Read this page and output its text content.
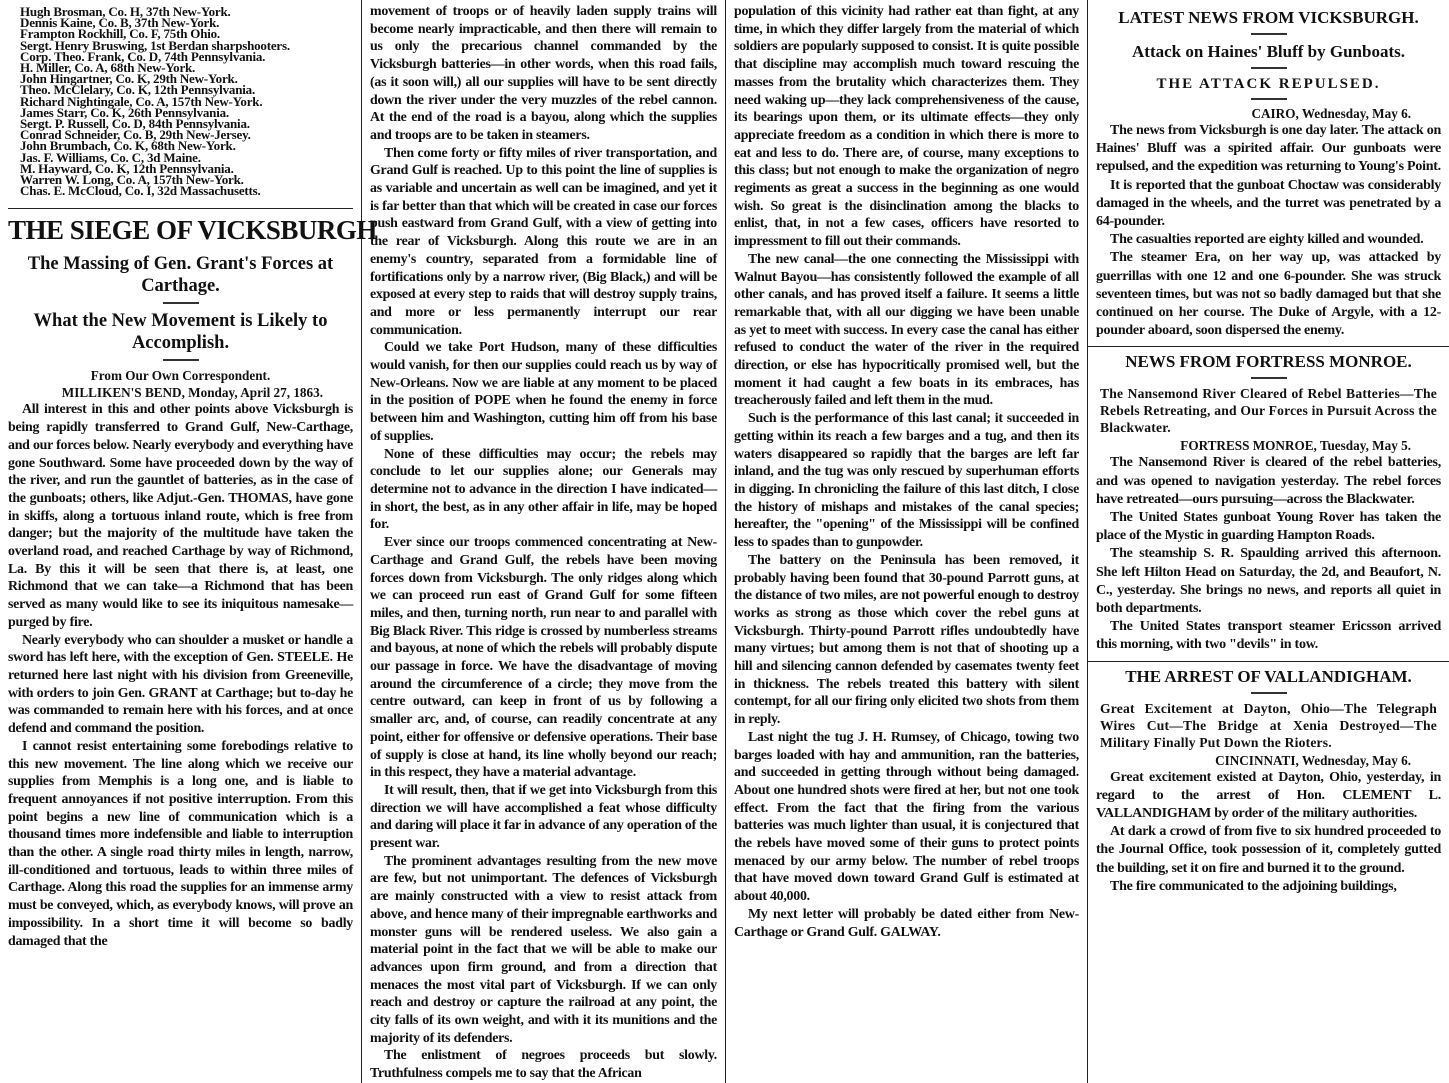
Hugh Brosman, Co. H, 37th New-York.
Dennis Kaine, Co. B, 37th New-York.
Frampton Rockhill, Co. F, 75th Ohio.
Sergt. Henry Bruswing, 1st Berdan sharpshooters.
Corp. Theo. Frank, Co. D, 74th Pennsylvania.
H. Miller, Co. A, 68th New-York.
John Hingartner, Co. K, 29th New-York.
Theo. McClelary, Co. K, 12th Pennsylvania.
Richard Nightingale, Co. A, 157th New-York.
James Starr, Co. K, 26th Pennsylvania.
Sergt. P. Russell, Co. D, 84th Pennsylvania.
Conrad Schneider, Co. B, 29th New-Jersey.
John Brumbach, Co. K, 68th New-York.
Jas. F. Williams, Co. C, 3d Maine.
M. Hayward, Co. K, 12th Pennsylvania.
Warren W. Long, Co. A, 157th New-York.
Chas. E. McCloud, Co. I, 32d Massachusetts.
THE SIEGE OF VICKSBURGH
The Massing of Gen. Grant's Forces at Carthage.
What the New Movement is Likely to Accomplish.
From Our Own Correspondent.
MILLIKEN'S BEND, Monday, April 27, 1863.
All interest in this and other points above Vicksburgh is being rapidly transferred to Grand Gulf, New-Carthage, and our forces below. Nearly everybody and everything have gone Southward. Some have proceeded down by the way of the river, and run the gauntlet of batteries, as in the case of the gunboats; others, like Adjut.-Gen. THOMAS, have gone in skiffs, along a tortuous inland route, which is free from danger; but the majority of the multitude have taken the overland road, and reached Carthage by way of Richmond, La. By this it will be seen that there is, at least, one Richmond that we can take—a Richmond that has been served as many would like to see its iniquitous namesake—purged by fire.
Nearly everybody who can shoulder a musket or handle a sword has left here, with the exception of Gen. STEELE. He returned here last night with his division from Greeneville, with orders to join Gen. GRANT at Carthage; but to-day he was commanded to remain here with his forces, and at once defend and command the position.
I cannot resist entertaining some forebodings relative to this new movement. The line along which we receive our supplies from Memphis is a long one, and is liable to frequent annoyances if not positive interruption. From this point begins a new line of communication which is a thousand times more indefensible and liable to interruption than the other. A single road thirty miles in length, narrow, ill-conditioned and tortuous, leads to within three miles of Carthage. Along this road the supplies for an immense army must be conveyed, which, as everybody knows, will prove an impossibility. In a short time it will become so badly damaged that the
movement of troops or of heavily laden supply trains will become nearly impracticable, and then there will remain to us only the precarious channel commanded by the Vicksburgh batteries—in other words, when this road fails, (as it soon will,) all our supplies will have to be sent directly down the river under the very muzzles of the rebel cannon. At the end of the road is a bayou, along which the supplies and troops are to be taken in steamers.
Then come forty or fifty miles of river transportation, and Grand Gulf is reached. Up to this point the line of supplies is as variable and uncertain as well can be imagined, and yet it is far better than that which will be created in case our forces push eastward from Grand Gulf, with a view of getting into the rear of Vicksburgh. Along this route we are in an enemy's country, separated from a formidable line of fortifications only by a narrow river, (Big Black,) and will be exposed at every step to raids that will destroy supply trains, and more or less permanently interrupt our rear communication.
Could we take Port Hudson, many of these difficulties would vanish, for then our supplies could reach us by way of New-Orleans. Now we are liable at any moment to be placed in the position of POPE when he found the enemy in force between him and Washington, cutting him off from his base of supplies.
None of these difficulties may occur; the rebels may conclude to let our supplies alone; our Generals may determine not to advance in the direction I have indicated—in short, the best, as in any other affair in life, may be hoped for.
Ever since our troops commenced concentrating at New-Carthage and Grand Gulf, the rebels have been moving forces down from Vicksburgh. The only ridges along which we can proceed run east of Grand Gulf for some fifteen miles, and then, turning north, run near to and parallel with Big Black River. This ridge is crossed by numberless streams and bayous, at none of which the rebels will probably dispute our passage in force. We have the disadvantage of moving around the circumference of a circle; they move from the centre outward, can keep in front of us by following a smaller arc, and, of course, can readily concentrate at any point, either for offensive or defensive operations. Their base of supply is close at hand, its line wholly beyond our reach; in this respect, they have a material advantage.
It will result, then, that if we get into Vicksburgh from this direction we will have accomplished a feat whose difficulty and daring will place it far in advance of any operation of the present war.
The prominent advantages resulting from the new move are few, but not unimportant. The defences of Vicksburgh are mainly constructed with a view to resist attack from above, and hence many of their impregnable earthworks and monster guns will be rendered useless. We also gain a material point in the fact that we will be able to make our advances upon firm ground, and from a direction that menaces the most vital part of Vicksburgh. If we can only reach and destroy or capture the railroad at any point, the city falls of its own weight, and with it its munitions and the majority of its defenders.
The enlistment of negroes proceeds but slowly. Truthfulness compels me to say that the African
population of this vicinity had rather eat than fight, at any time, in which they differ largely from the material of which soldiers are popularly supposed to consist. It is quite possible that discipline may accomplish much toward rescuing the masses from the brutality which characterizes them. They need waking up—they lack comprehensiveness of the cause, its bearings upon them, or its ultimate effects—they only appreciate freedom as a condition in which there is more to eat and less to do. There are, of course, many exceptions to this class; but not enough to make the organization of negro regiments as great a success in the beginning as one would wish. So great is the disinclination among the blacks to enlist, that, in not a few cases, officers have resorted to impressment to fill out their commands.
The new canal—the one connecting the Mississippi with Walnut Bayou—has consistently followed the example of all other canals, and has proved itself a failure. It seems a little remarkable that, with all our digging we have been unable as yet to meet with success. In every case the canal has either refused to conduct the water of the river in the required direction, or else has hypocritically promised well, but the moment it had caught a few boats in its embraces, has treacherously failed and left them in the mud.
Such is the performance of this last canal; it succeeded in getting within its reach a few barges and a tug, and then its waters disappeared so rapidly that the barges are left far inland, and the tug was only rescued by superhuman efforts in digging. In chronicling the failure of this last ditch, I close the history of mishaps and mistakes of the canal species; hereafter, the "opening" of the Mississippi will be confined less to spades than to gunpowder.
The battery on the Peninsula has been removed, it probably having been found that 30-pound Parrott guns, at the distance of two miles, are not powerful enough to destroy works as strong as those which cover the rebel guns at Vicksburgh. Thirty-pound Parrott rifles undoubtedly have many virtues; but among them is not that of shooting up a hill and silencing cannon defended by casemates twenty feet in thickness. The rebels treated this battery with silent contempt, for all our firing only elicited two shots from them in reply.
Last night the tug J. H. Rumsey, of Chicago, towing two barges loaded with hay and ammunition, ran the batteries, and succeeded in getting through without being damaged. About one hundred shots were fired at her, but not one took effect. From the fact that the firing from the various batteries was much lighter than usual, it is conjectured that the rebels have moved some of their guns to protect points menaced by our army below. The number of rebel troops that have moved down toward Grand Gulf is estimated at about 40,000.
My next letter will probably be dated either from New-Carthage or Grand Gulf. GALWAY.
LATEST NEWS FROM VICKSBURGH.
Attack on Haines' Bluff by Gunboats.
THE ATTACK REPULSED.
CAIRO, Wednesday, May 6.
The news from Vicksburgh is one day later. The attack on Haines' Bluff was a spirited affair. Our gunboats were repulsed, and the expedition was returning to Young's Point.
It is reported that the gunboat Choctaw was considerably damaged in the wheels, and the turret was penetrated by a 64-pounder.
The casualties reported are eighty killed and wounded.
The steamer Era, on her way up, was attacked by guerrillas with one 12 and one 6-pounder. She was struck seventeen times, but was not so badly damaged but that she continued on her course. The Duke of Argyle, with a 12-pounder aboard, soon dispersed the enemy.
NEWS FROM FORTRESS MONROE.
The Nansemond River Cleared of Rebel Batteries—The Rebels Retreating, and Our Forces in Pursuit Across the Blackwater.
FORTRESS MONROE, Tuesday, May 5.
The Nansemond River is cleared of the rebel batteries, and was opened to navigation yesterday. The rebel forces have retreated—ours pursuing—across the Blackwater.
The United States gunboat Young Rover has taken the place of the Mystic in guarding Hampton Roads.
The steamship S. R. Spaulding arrived this afternoon. She left Hilton Head on Saturday, the 2d, and Beaufort, N. C., yesterday. She brings no news, and reports all quiet in both departments.
The United States transport steamer Ericsson arrived this morning, with two "devils" in tow.
THE ARREST OF VALLANDIGHAM.
Great Excitement at Dayton, Ohio—The Telegraph Wires Cut—The Bridge at Xenia Destroyed—The Military Finally Put Down the Rioters.
CINCINNATI, Wednesday, May 6.
Great excitement existed at Dayton, Ohio, yesterday, in regard to the arrest of Hon. CLEMENT L. VALLANDIGHAM by order of the military authorities.
At dark a crowd of from five to six hundred proceeded to the Journal Office, took possession of it, completely gutted the building, set it on fire and burned it to the ground.
The fire communicated to the adjoining buildings,
